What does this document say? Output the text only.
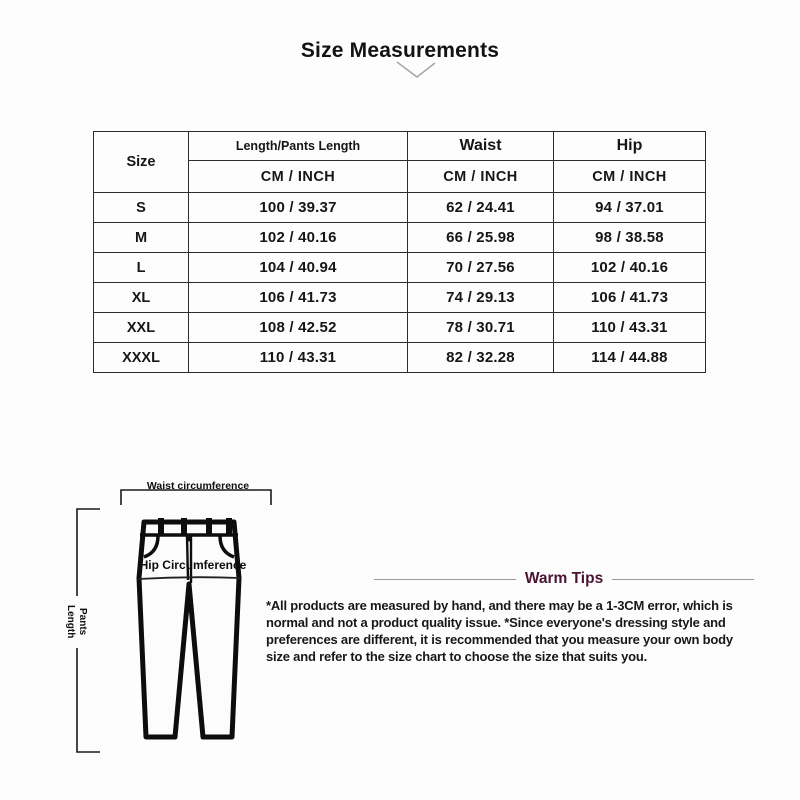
Size Measurements
Size	Length/Pants Length	Waist	Hip
	CM / INCH	CM / INCH	CM / INCH
S	100 / 39.37	62 / 24.41	94 / 37.01
M	102 / 40.16	66 / 25.98	98 / 38.58
L	104 / 40.94	70 / 27.56	102 / 40.16
XL	106 / 41.73	74 / 29.13	106 / 41.73
XXL	108 / 42.52	78 / 30.71	110 / 43.31
XXXL	110 / 43.31	82 / 32.28	114 / 44.88
Waist circumference
Pants Length
Hip Circumference
Warm Tips
*All products are measured by hand, and there may be a 1-3CM error, which is
normal and not a product quality issue. *Since everyone's dressing style and
preferences are different, it is recommended that you measure your own body
size and refer to the size chart to choose the size that suits you.
